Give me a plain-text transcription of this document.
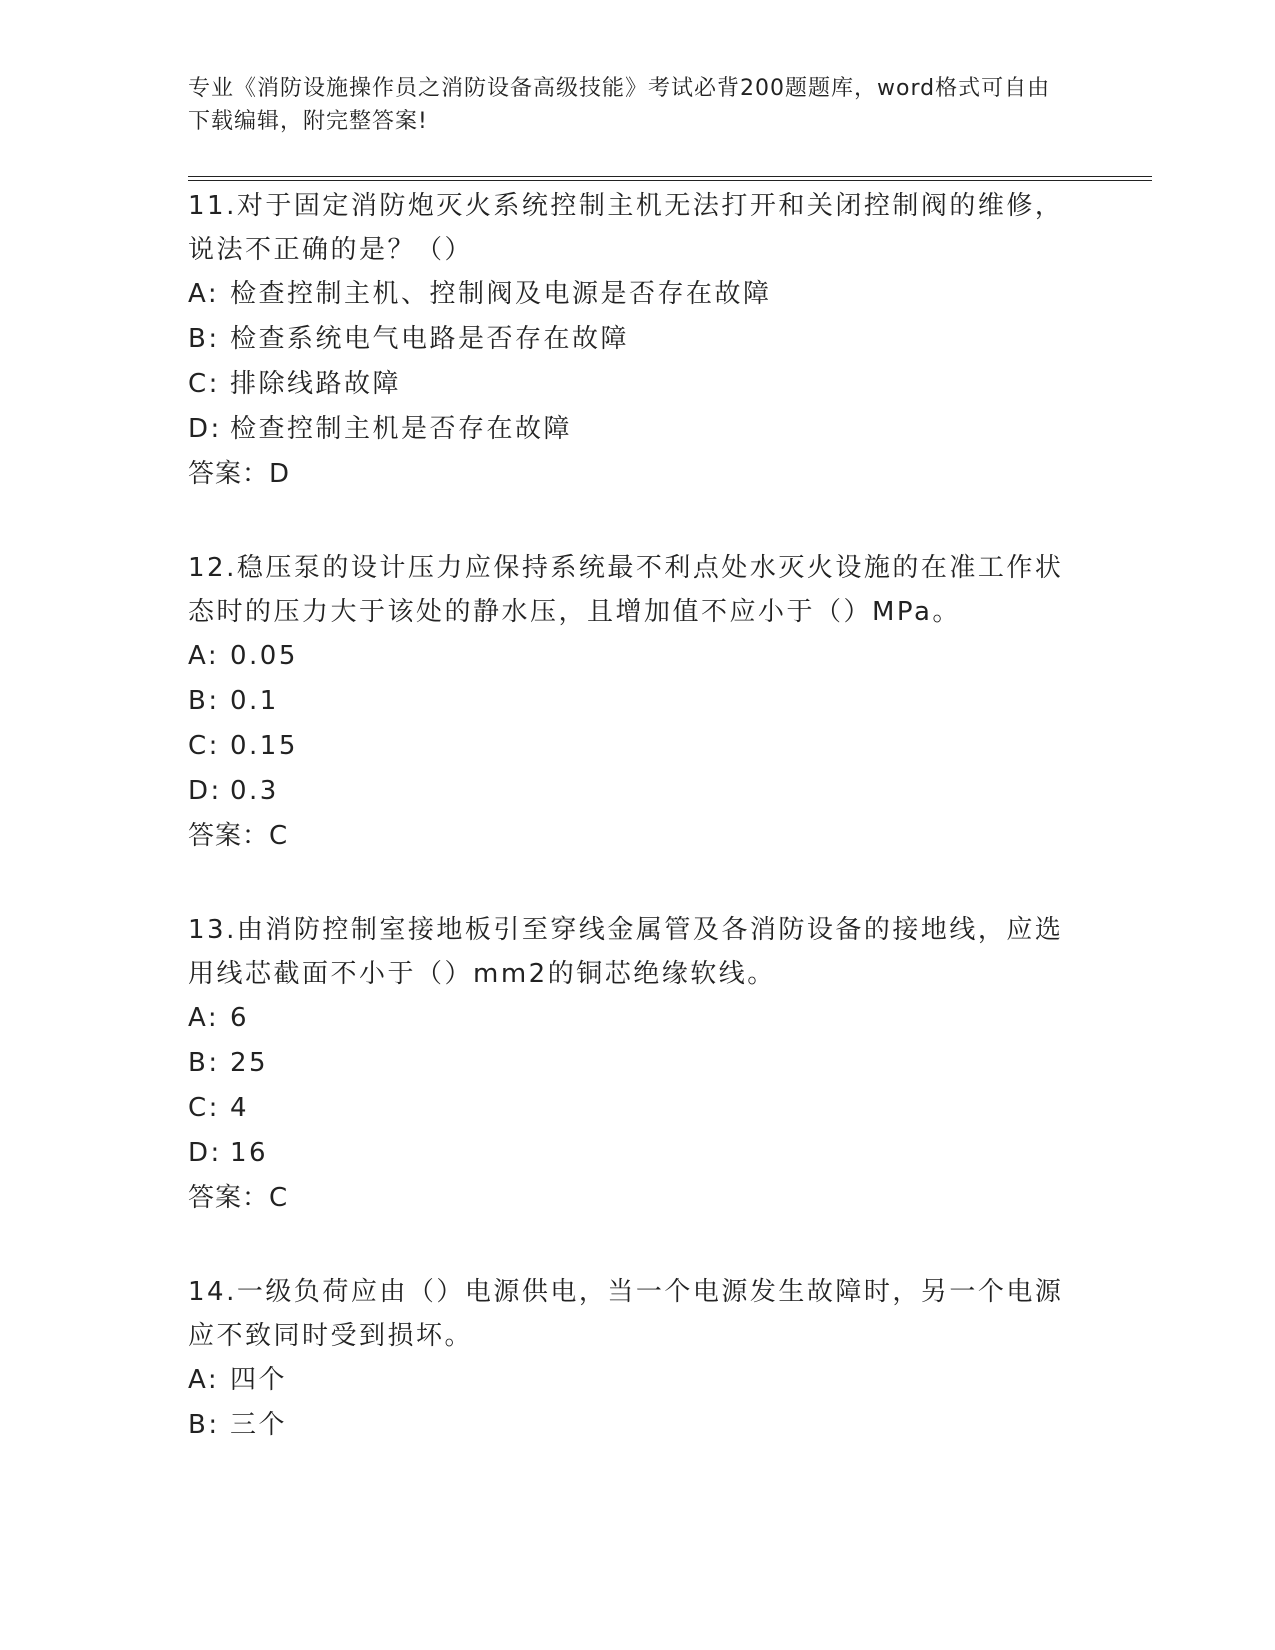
专业《消防设施操作员之消防设备高级技能》考试必背200题题库，word格式可自由下载编辑，附完整答案!

11.对于固定消防炮灭火系统控制主机无法打开和关闭控制阀的维修，说法不正确的是？（）

A: 检查控制主机、控制阀及电源是否存在故障

B: 检查系统电气电路是否存在故障

C: 排除线路故障

D: 检查控制主机是否存在故障

答案：D

12.稳压泵的设计压力应保持系统最不利点处水灭火设施的在准工作状态时的压力大于该处的静水压，且增加值不应小于（）MPa。

A: 0.05

B: 0.1

C: 0.15

D: 0.3

答案：C

13.由消防控制室接地板引至穿线金属管及各消防设备的接地线，应选用线芯截面不小于（）mm2的铜芯绝缘软线。

A: 6

B: 25

C: 4

D: 16

答案：C

14.一级负荷应由（）电源供电，当一个电源发生故障时，另一个电源应不致同时受到损坏。

A: 四个

B: 三个
